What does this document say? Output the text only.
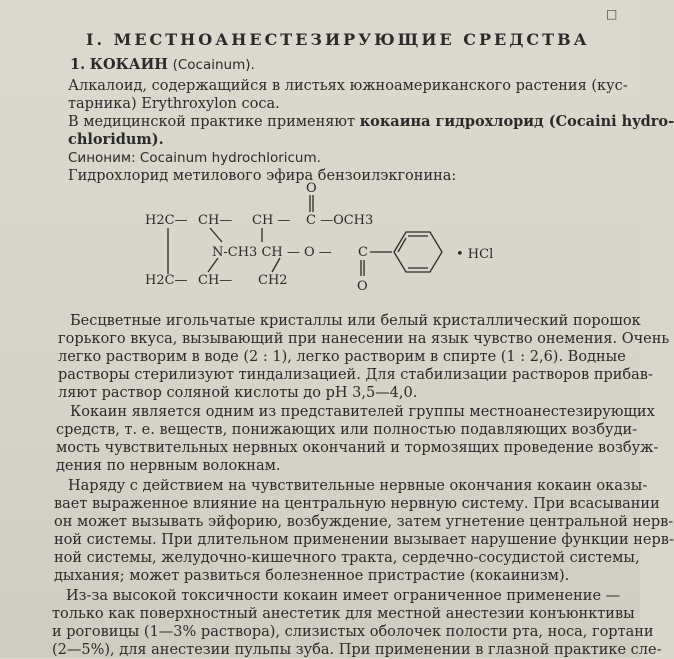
□
I. МЕСТНОАНЕСТЕЗИРУЮЩИЕ СРЕДСТВА
1. КОКАИН (Cocainum).
Алкалоид, содержащийся в листьях южноамериканского растения (кус-
тарника) Erythroxylon coca.
В медицинской практике применяют кокаина гидрохлорид (Cocaini hydro-
chloridum).
Синоним: Cocainum hydrochloricum.
Гидрохлорид метилового эфира бензоилэкгонина:
O
H2C— CH— CH — C —OCH3
N-CH3 CH — O — C
O
• HCl
H2C— CH— CH2
Бесцветные игольчатые кристаллы или белый кристаллический порошок
горького вкуса, вызывающий при нанесении на язык чувство онемения. Очень
легко растворим в воде (2 : 1), легко растворим в спирте (1 : 2,6). Водные
растворы стерилизуют тиндализацией. Для стабилизации растворов прибав-
ляют раствор соляной кислоты до pH 3,5—4,0.
Кокаин является одним из представителей группы местноанестезирующих
средств, т. е. веществ, понижающих или полностью подавляющих возбуди-
мость чувствительных нервных окончаний и тормозящих проведение возбуж-
дения по нервным волокнам.
Наряду с действием на чувствительные нервные окончания кокаин оказы-
вает выраженное влияние на центральную нервную систему. При всасывании
он может вызывать эйфорию, возбуждение, затем угнетение центральной нерв-
ной системы. При длительном применении вызывает нарушение функции нерв-
ной системы, желудочно-кишечного тракта, сердечно-сосудистой системы,
дыхания; может развиться болезненное пристрастие (кокаинизм).
Из-за высокой токсичности кокаин имеет ограниченное применение —
только как поверхностный анестетик для местной анестезии конъюнктивы
и роговицы (1—3% раствора), слизистых оболочек полости рта, носа, гортани
(2—5%), для анестезии пульпы зуба. При применении в глазной практике сле-
